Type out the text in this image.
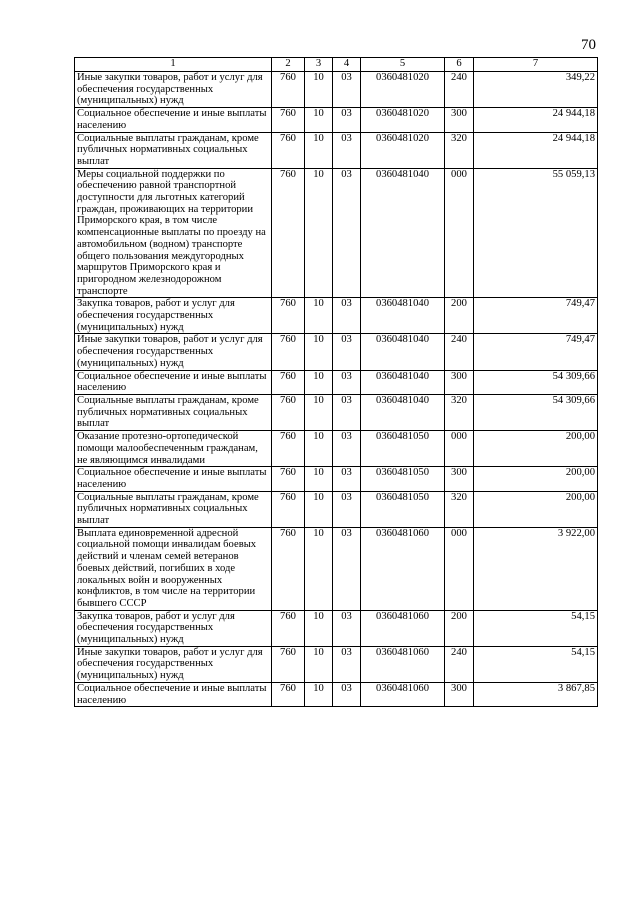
70
1	2	3	4	5	6	7
Иные закупки товаров, работ и услуг для обеспечения государственных (муниципальных) нужд	760	10	03	0360481020	240	349,22
Социальное обеспечение и иные выплаты населению	760	10	03	0360481020	300	24 944,18
Социальные выплаты гражданам, кроме публичных нормативных социальных выплат	760	10	03	0360481020	320	24 944,18
Меры социальной поддержки по обеспечению равной транспортной доступности для льготных категорий граждан, проживающих на территории Приморского края, в том числе компенсационные выплаты по проезду на автомобильном (водном) транспорте общего пользования междугородных маршрутов Приморского края и пригородном железнодорожном транспорте	760	10	03	0360481040	000	55 059,13
Закупка товаров, работ и услуг для обеспечения государственных (муниципальных) нужд	760	10	03	0360481040	200	749,47
Иные закупки товаров, работ и услуг для обеспечения государственных (муниципальных) нужд	760	10	03	0360481040	240	749,47
Социальное обеспечение и иные выплаты населению	760	10	03	0360481040	300	54 309,66
Социальные выплаты гражданам, кроме публичных нормативных социальных выплат	760	10	03	0360481040	320	54 309,66
Оказание протезно-ортопедической помощи малообеспеченным гражданам, не являющимся инвалидами	760	10	03	0360481050	000	200,00
Социальное обеспечение и иные выплаты населению	760	10	03	0360481050	300	200,00
Социальные выплаты гражданам, кроме публичных нормативных социальных выплат	760	10	03	0360481050	320	200,00
Выплата единовременной адресной социальной помощи инвалидам боевых действий и членам семей ветеранов боевых действий, погибших в ходе локальных войн и вооруженных конфликтов, в том числе на территории бывшего СССР	760	10	03	0360481060	000	3 922,00
Закупка товаров, работ и услуг для обеспечения государственных (муниципальных) нужд	760	10	03	0360481060	200	54,15
Иные закупки товаров, работ и услуг для обеспечения государственных (муниципальных) нужд	760	10	03	0360481060	240	54,15
Социальное обеспечение и иные выплаты населению	760	10	03	0360481060	300	3 867,85
